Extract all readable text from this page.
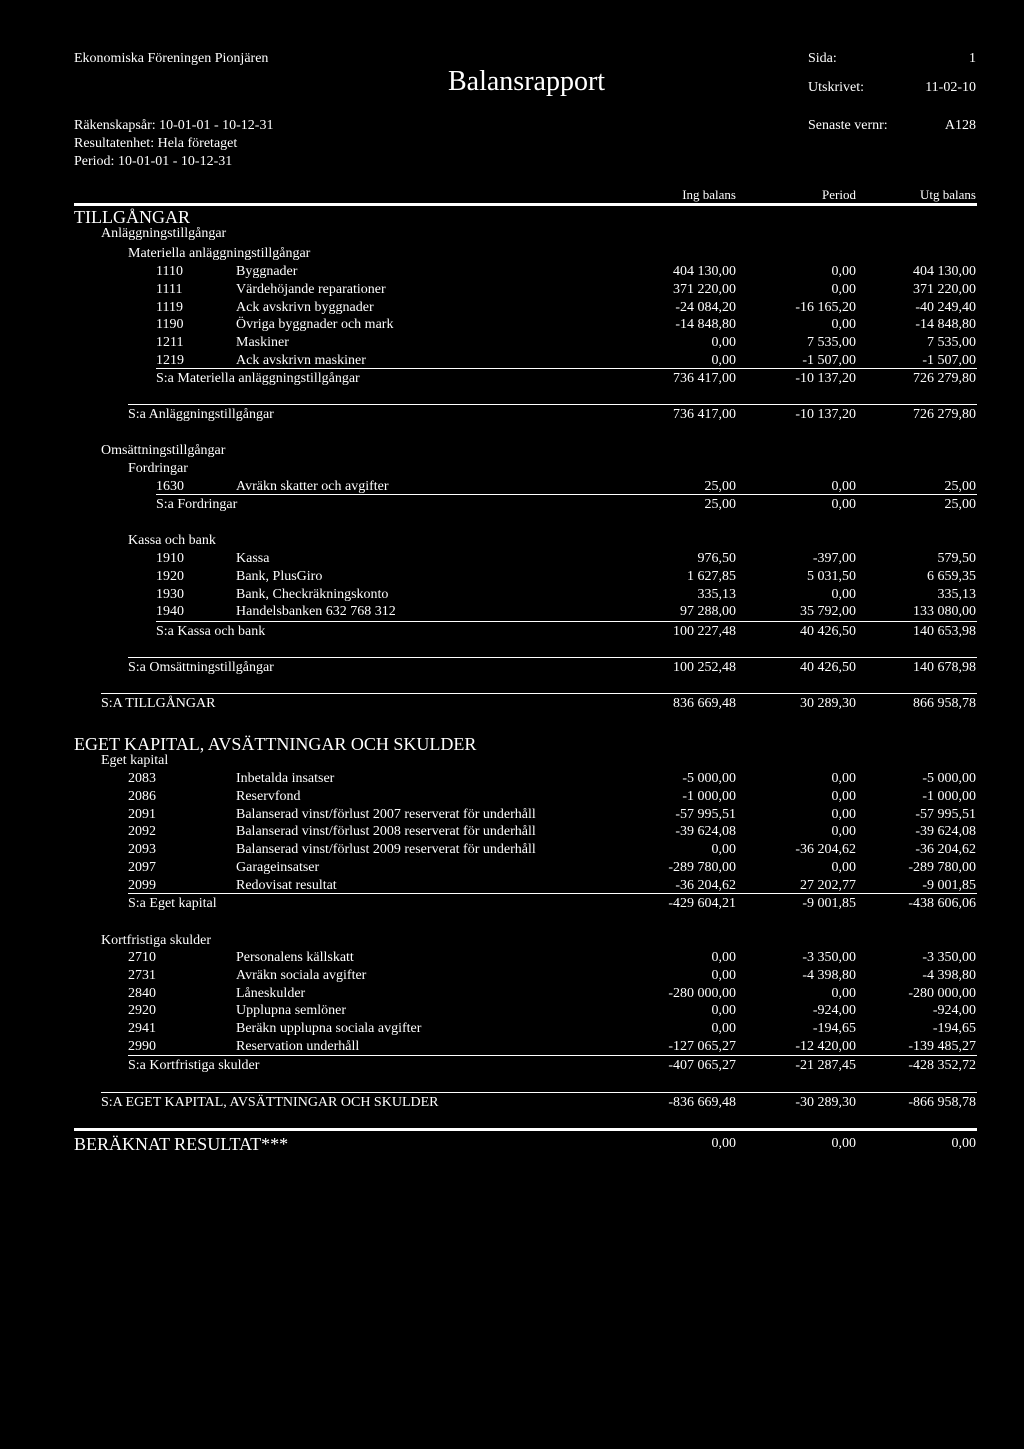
Ekonomiska Föreningen Pionjären
Balansrapport
Sida:	1
Utskrivet:	11-02-10
Räkenskapsår: 10-01-01 - 10-12-31	Senaste vernr:	A128
Resultatenhet: Hela företaget
Period: 10-01-01 - 10-12-31
Ing balans	Period	Utg balans
TILLGÅNGAR
Anläggningstillgångar
Materiella anläggningstillgångar
1110	Byggnader	404 130,00	0,00	404 130,00
1111	Värdehöjande reparationer	371 220,00	0,00	371 220,00
1119	Ack avskrivn byggnader	-24 084,20	-16 165,20	-40 249,40
1190	Övriga byggnader och mark	-14 848,80	0,00	-14 848,80
1211	Maskiner	0,00	7 535,00	7 535,00
1219	Ack avskrivn maskiner	0,00	-1 507,00	-1 507,00
S:a Materiella anläggningstillgångar	736 417,00	-10 137,20	726 279,80
S:a Anläggningstillgångar	736 417,00	-10 137,20	726 279,80
Omsättningstillgångar
Fordringar
1630	Avräkn skatter och avgifter	25,00	0,00	25,00
S:a Fordringar	25,00	0,00	25,00
Kassa och bank
1910	Kassa	976,50	-397,00	579,50
1920	Bank, PlusGiro	1 627,85	5 031,50	6 659,35
1930	Bank, Checkräkningskonto	335,13	0,00	335,13
1940	Handelsbanken 632 768 312	97 288,00	35 792,00	133 080,00
S:a Kassa och bank	100 227,48	40 426,50	140 653,98
S:a Omsättningstillgångar	100 252,48	40 426,50	140 678,98
S:A TILLGÅNGAR	836 669,48	30 289,30	866 958,78
EGET KAPITAL, AVSÄTTNINGAR OCH SKULDER
Eget kapital
2083	Inbetalda insatser	-5 000,00	0,00	-5 000,00
2086	Reservfond	-1 000,00	0,00	-1 000,00
2091	Balanserad vinst/förlust 2007 reserverat för underhåll	-57 995,51	0,00	-57 995,51
2092	Balanserad vinst/förlust 2008 reserverat för underhåll	-39 624,08	0,00	-39 624,08
2093	Balanserad vinst/förlust 2009 reserverat för underhåll	0,00	-36 204,62	-36 204,62
2097	Garageinsatser	-289 780,00	0,00	-289 780,00
2099	Redovisat resultat	-36 204,62	27 202,77	-9 001,85
S:a Eget kapital	-429 604,21	-9 001,85	-438 606,06
Kortfristiga skulder
2710	Personalens källskatt	0,00	-3 350,00	-3 350,00
2731	Avräkn sociala avgifter	0,00	-4 398,80	-4 398,80
2840	Låneskulder	-280 000,00	0,00	-280 000,00
2920	Upplupna semlöner	0,00	-924,00	-924,00
2941	Beräkn upplupna sociala avgifter	0,00	-194,65	-194,65
2990	Reservation underhåll	-127 065,27	-12 420,00	-139 485,27
S:a Kortfristiga skulder	-407 065,27	-21 287,45	-428 352,72
S:A EGET KAPITAL, AVSÄTTNINGAR OCH SKULDER	-836 669,48	-30 289,30	-866 958,78
BERÄKNAT RESULTAT***	0,00	0,00	0,00
